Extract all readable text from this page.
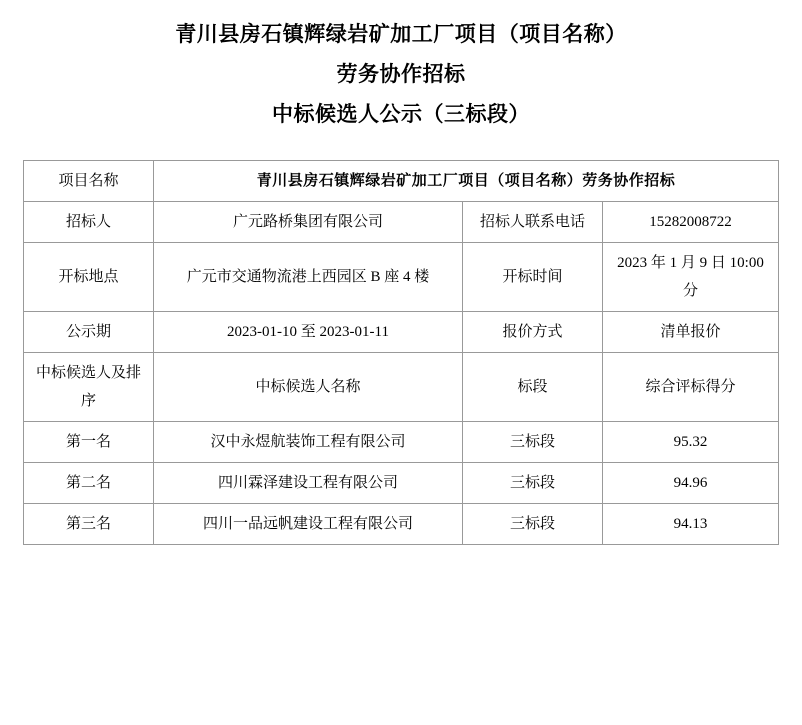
青川县房石镇辉绿岩矿加工厂项目（项目名称）
劳务协作招标
中标候选人公示（三标段）
项目名称	青川县房石镇辉绿岩矿加工厂项目（项目名称）劳务协作招标		
招标人	广元路桥集团有限公司	招标人联系电话	15282008722
开标地点	广元市交通物流港上西园区 B 座 4 楼	开标时间	2023 年 1 月 9 日 10:00 分
公示期	2023-01-10 至 2023-01-11	报价方式	清单报价
中标候选人及排序	中标候选人名称	标段	综合评标得分
第一名	汉中永煜航装饰工程有限公司	三标段	95.32
第二名	四川霖泽建设工程有限公司	三标段	94.96
第三名	四川一品远帆建设工程有限公司	三标段	94.13
